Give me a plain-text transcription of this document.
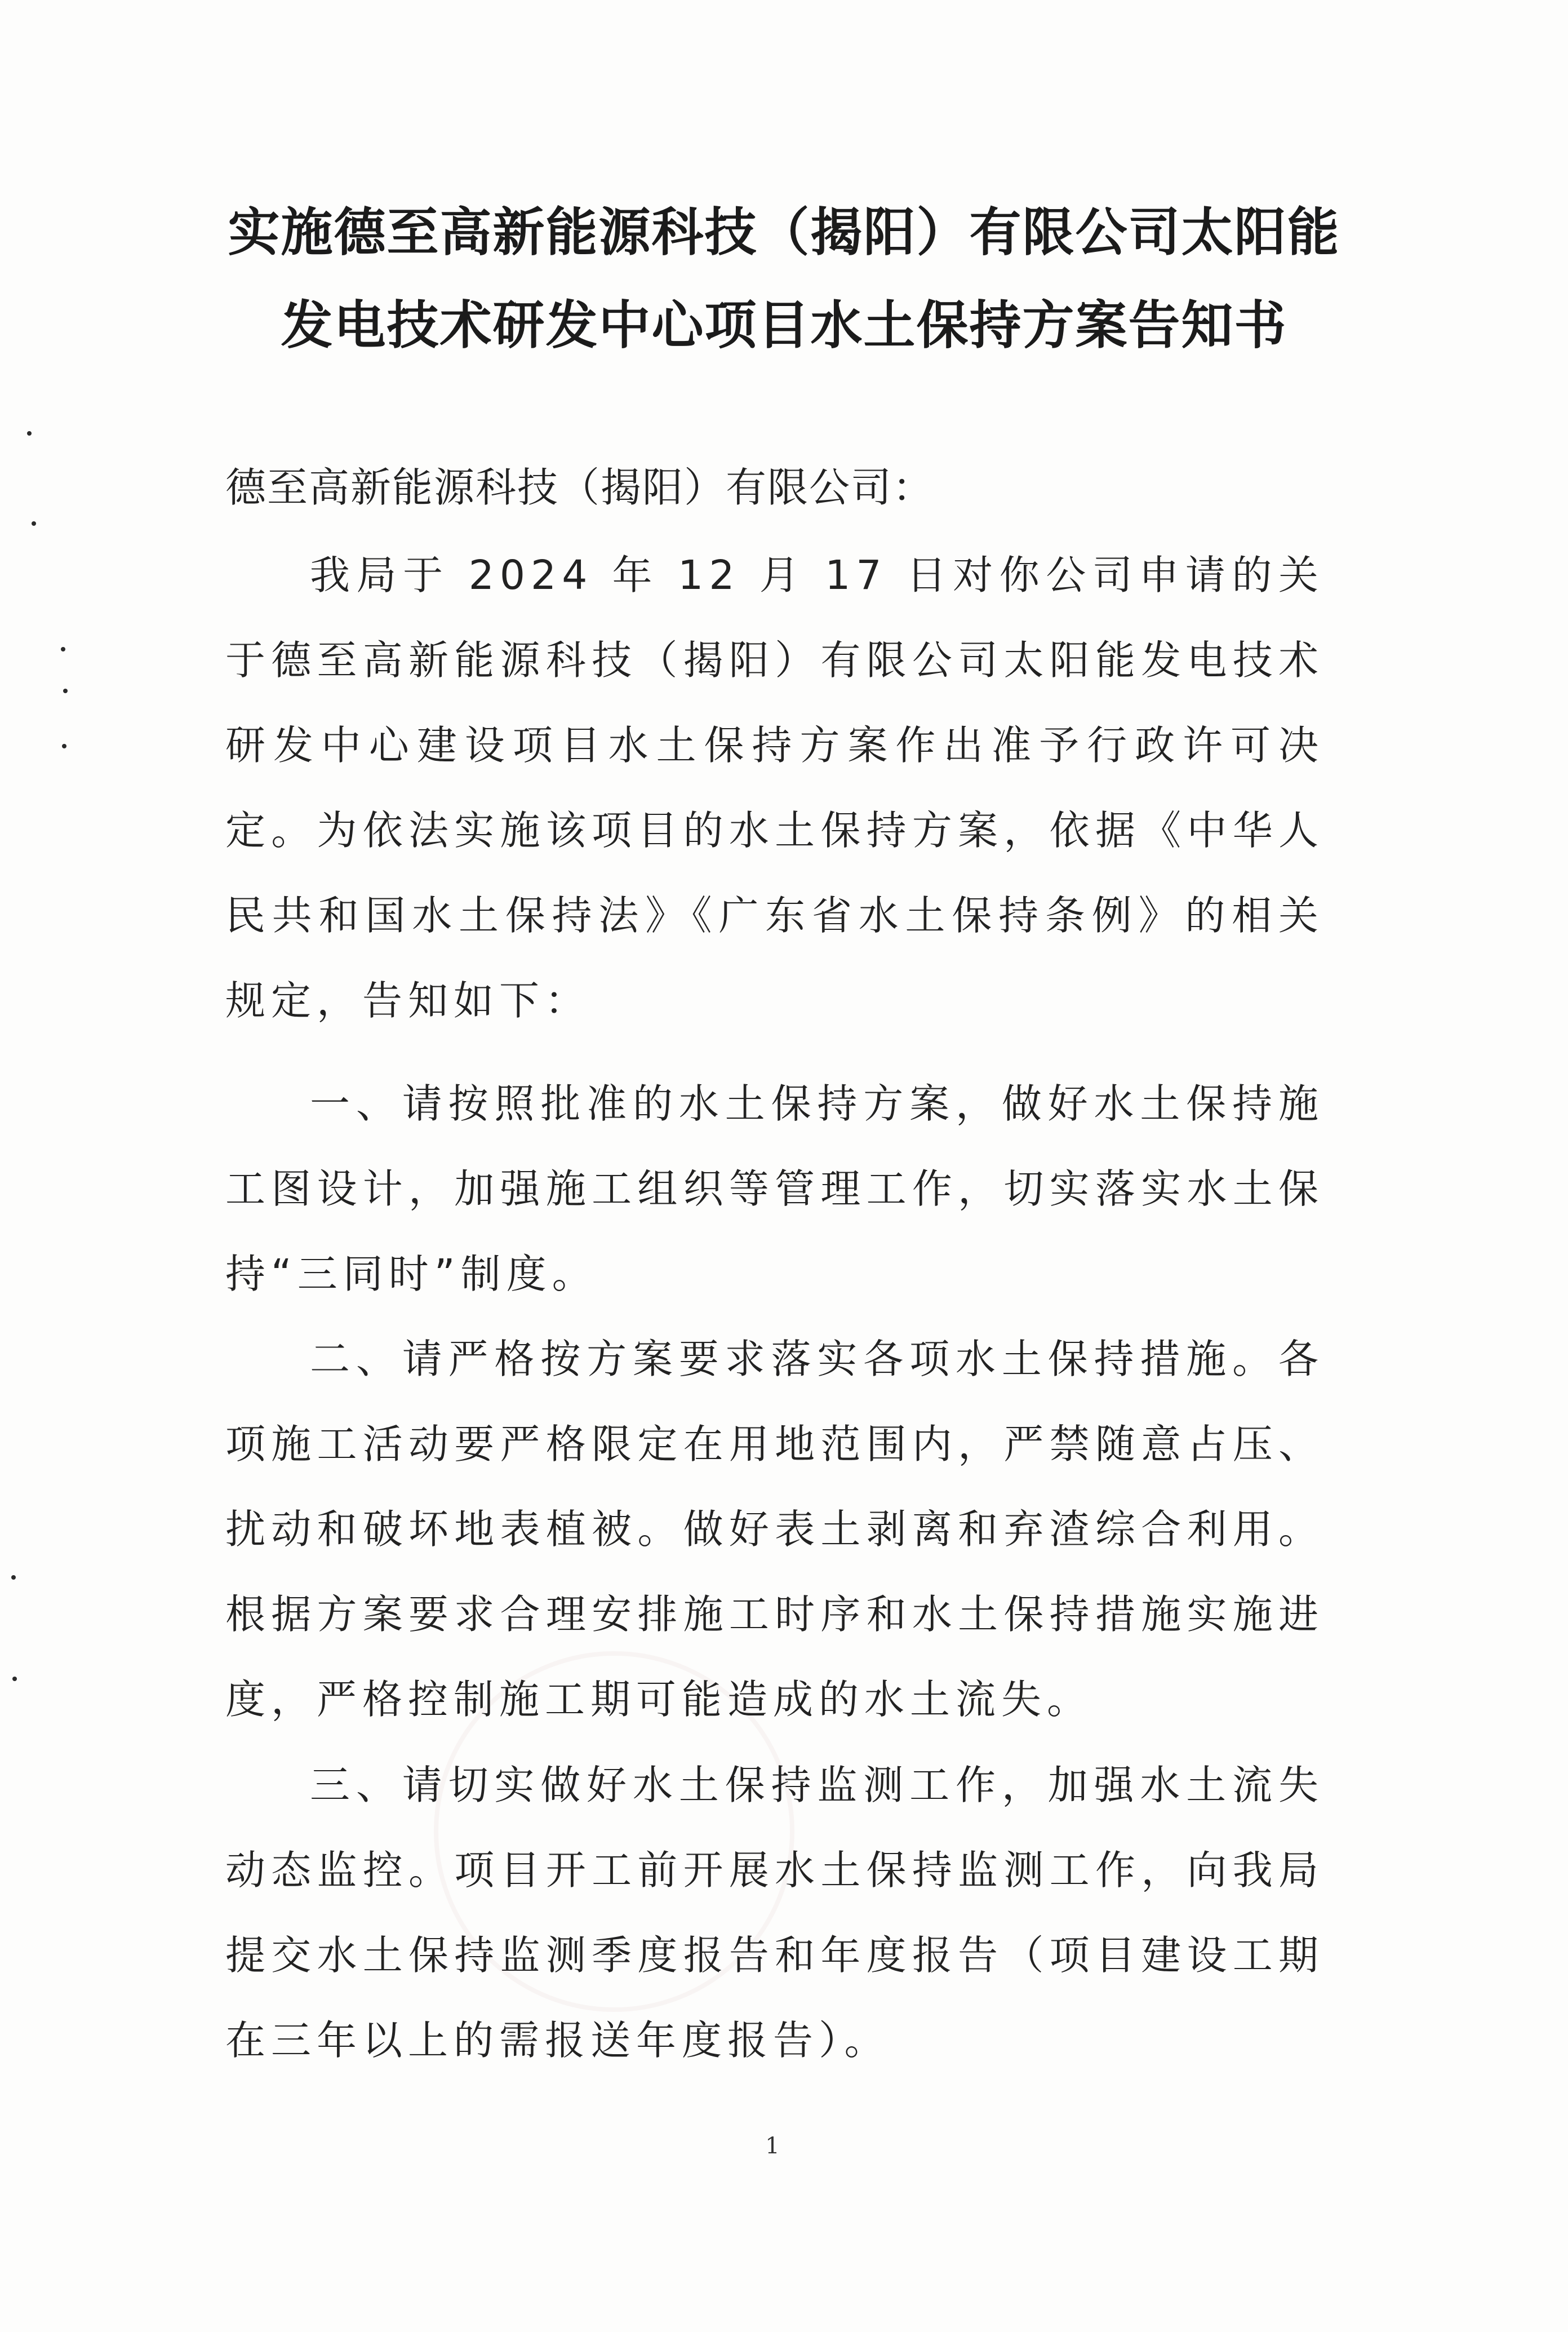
实施德至高新能源科技（揭阳）有限公司太阳能
发电技术研发中心项目水土保持方案告知书
德至高新能源科技（揭阳）有限公司：

我局于 2024 年 12 月 17 日对你公司申请的关于德至高新能源科技（揭阳）有限公司太阳能发电技术研发中心建设项目水土保持方案作出准予行政许可决定。为依法实施该项目的水土保持方案，依据《中华人民共和国水土保持法》《广东省水土保持条例》的相关规定，告知如下：

一、请按照批准的水土保持方案，做好水土保持施工图设计，加强施工组织等管理工作，切实落实水土保持“三同时”制度。

二、请严格按方案要求落实各项水土保持措施。各项施工活动要严格限定在用地范围内，严禁随意占压、扰动和破坏地表植被。做好表土剥离和弃渣综合利用。根据方案要求合理安排施工时序和水土保持措施实施进度，严格控制施工期可能造成的水土流失。

三、请切实做好水土保持监测工作，加强水土流失动态监控。项目开工前开展水土保持监测工作，向我局提交水土保持监测季度报告和年度报告（项目建设工期在三年以上的需报送年度报告）。

1
